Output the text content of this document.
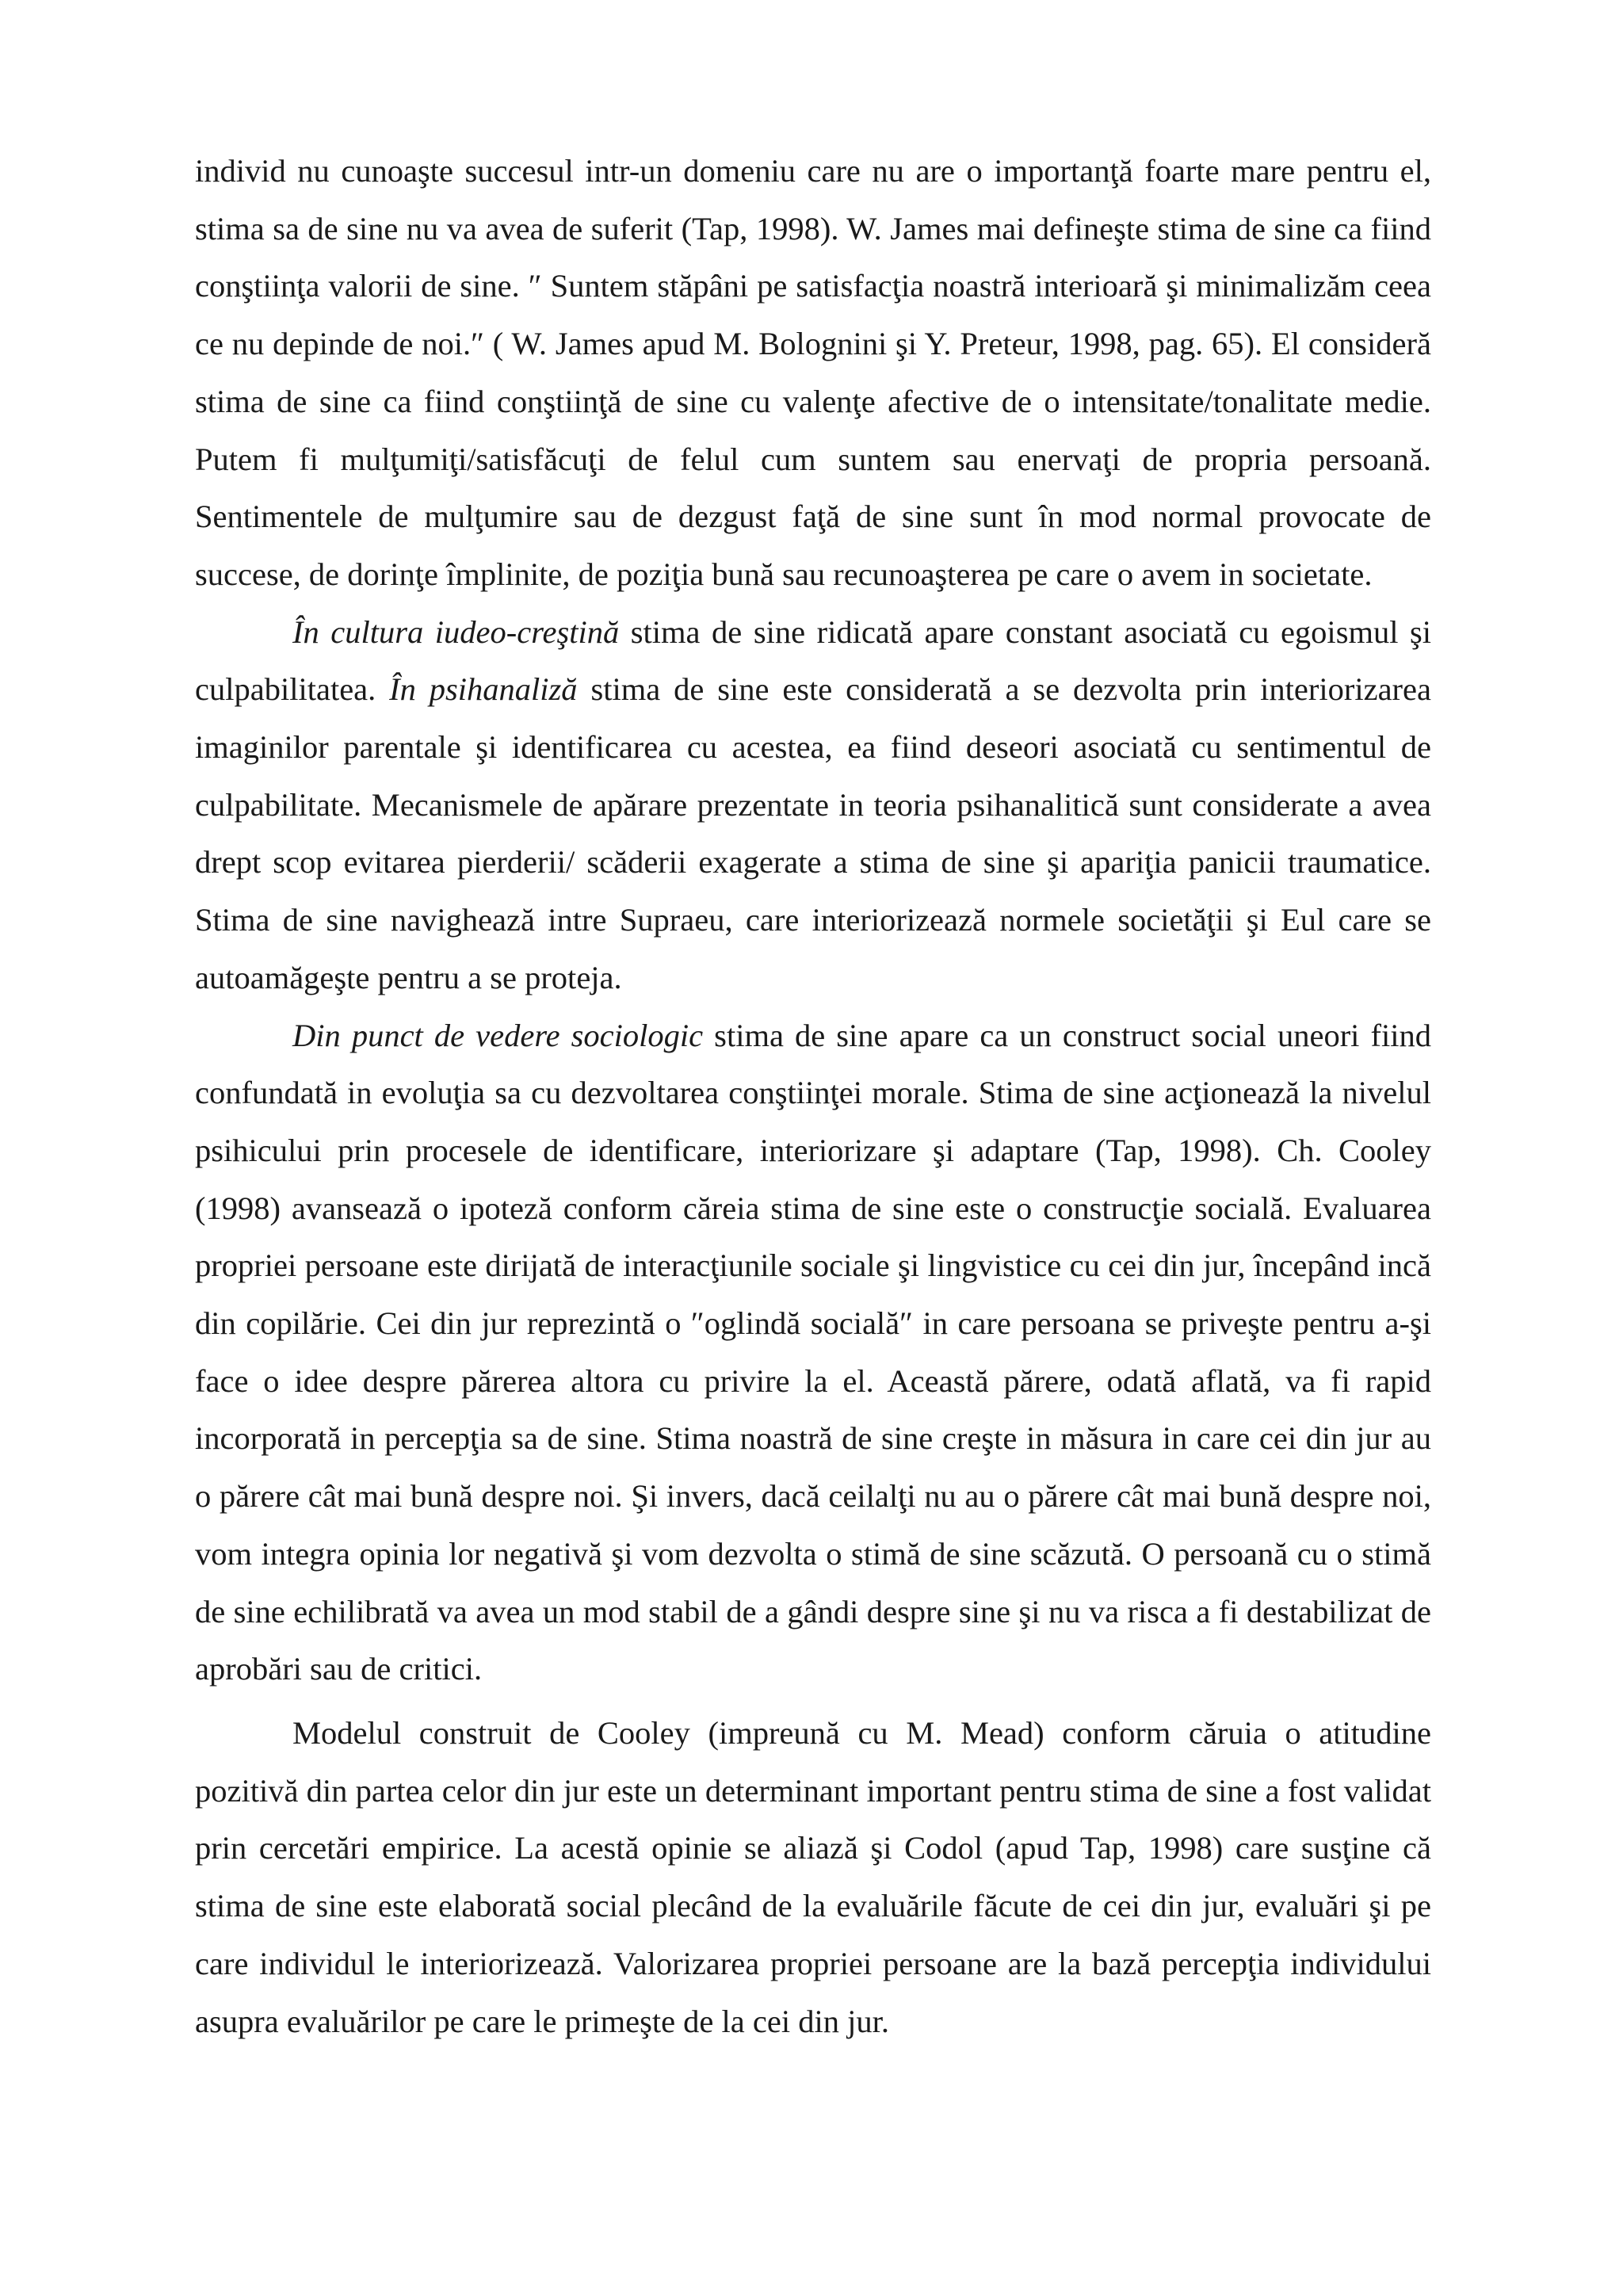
individ nu cunoaşte succesul intr-un domeniu care nu are o importanţă foarte mare pentru el, stima sa de sine nu va avea de suferit (Tap, 1998). W. James mai defineşte stima de sine ca fiind conştiinţa valorii de sine. ″ Suntem stăpâni pe satisfacţia noastră interioară şi minimalizăm ceea ce nu depinde de noi.″ ( W. James apud M. Bolognini şi Y. Preteur, 1998, pag. 65). El consideră stima de sine ca fiind conştiinţă de sine cu valenţe afective de o intensitate/tonalitate medie. Putem fi mulţumiţi/satisfăcuţi de felul cum suntem sau enervaţi de propria persoană. Sentimentele de mulţumire sau de dezgust faţă de sine sunt în mod normal provocate de succese, de dorinţe împlinite, de poziţia bună sau recunoaşterea pe care o avem in societate.

În cultura iudeo-creştină stima de sine ridicată apare constant asociată cu egoismul şi culpabilitatea. În psihanaliză stima de sine este considerată a se dezvolta prin interiorizarea imaginilor parentale şi identificarea cu acestea, ea fiind deseori asociată cu sentimentul de culpabilitate. Mecanismele de apărare prezentate in teoria psihanalitică sunt considerate a avea drept scop evitarea pierderii/ scăderii exagerate a stima de sine şi apariţia panicii traumatice. Stima de sine navighează intre Supraeu, care interiorizează normele societăţii şi Eul care se autoamăgeşte pentru a se proteja.

Din punct de vedere sociologic stima de sine apare ca un construct social uneori fiind confundată in evoluţia sa cu dezvoltarea conştiinţei morale. Stima de sine acţionează la nivelul psihicului prin procesele de identificare, interiorizare şi adaptare (Tap, 1998). Ch. Cooley (1998) avansează o ipoteză conform căreia stima de sine este o construcţie socială. Evaluarea propriei persoane este dirijată de interacţiunile sociale şi lingvistice cu cei din jur, începând incă din copilărie. Cei din jur reprezintă o ″oglindă socială″ in care persoana se priveşte pentru a-şi face o idee despre părerea altora cu privire la el. Această părere, odată aflată, va fi rapid incorporată in percepţia sa de sine. Stima noastră de sine creşte in măsura in care cei din jur au o părere cât mai bună despre noi. Şi invers, dacă ceilalţi nu au o părere cât mai bună despre noi, vom integra opinia lor negativă şi vom dezvolta o stimă de sine scăzută. O persoană cu o stimă de sine echilibrată va avea un mod stabil de a gândi despre sine şi nu va risca a fi destabilizat de aprobări sau de critici.

Modelul construit de Cooley (impreună cu M. Mead) conform căruia o atitudine pozitivă din partea celor din jur este un determinant important pentru stima de sine a fost validat prin cercetări empirice. La acestă opinie se aliază şi Codol (apud Tap, 1998) care susţine că stima de sine este elaborată social plecând de la evaluările făcute de cei din jur, evaluări şi pe care individul le interiorizează. Valorizarea propriei persoane are la bază percepţia individului asupra evaluărilor pe care le primeşte de la cei din jur.
